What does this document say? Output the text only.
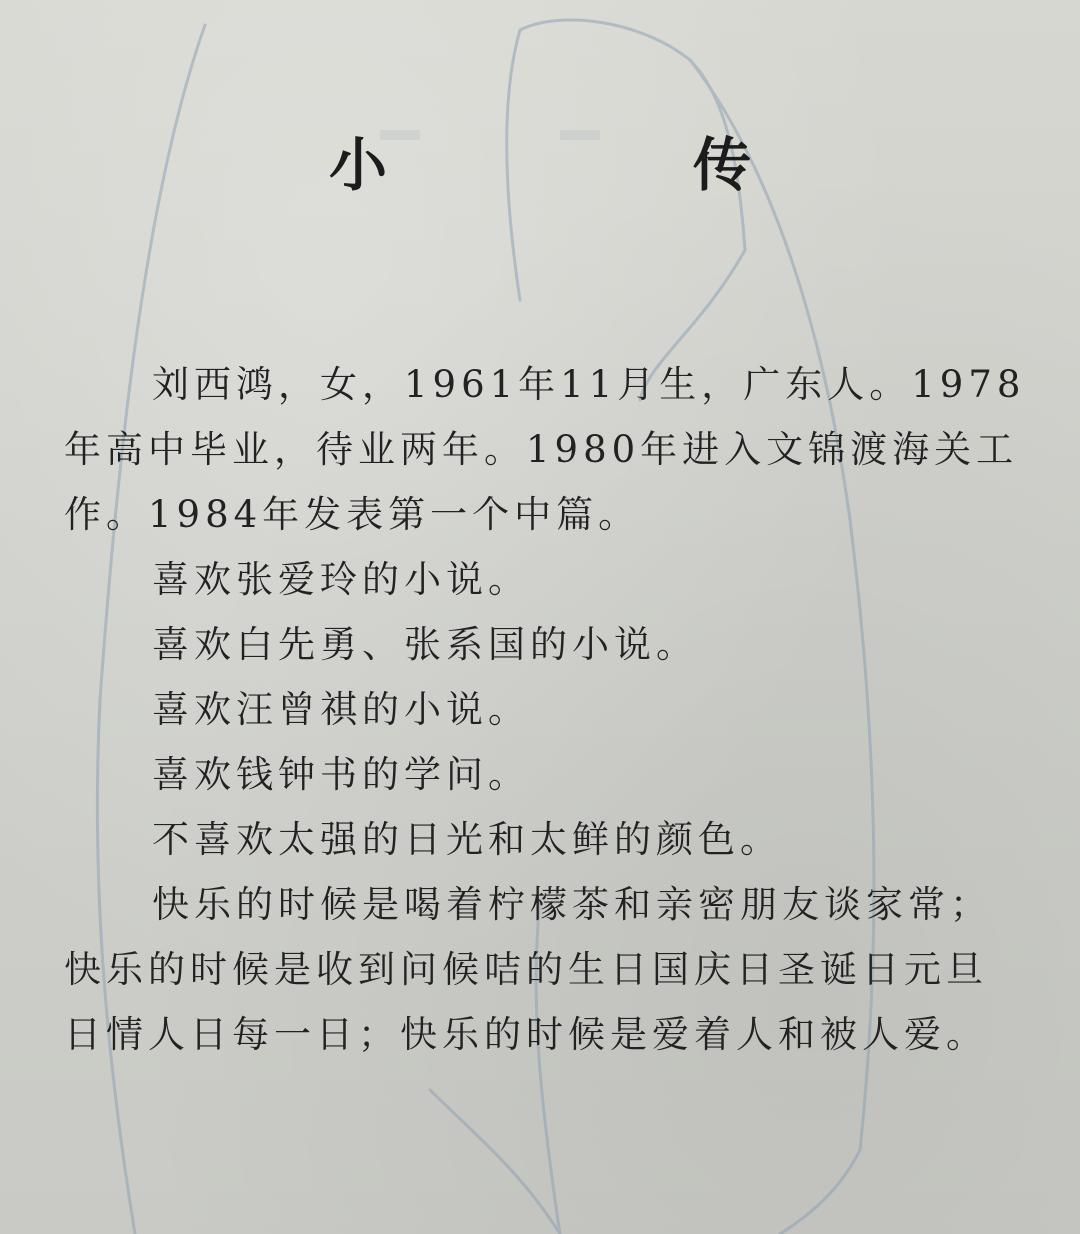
小　传

刘西鸿，女，1961年11月生，广东人。1978年高中毕业，待业两年。1980年进入文锦渡海关工作。1984年发表第一个中篇。

喜欢张爱玲的小说。

喜欢白先勇、张系国的小说。

喜欢汪曾祺的小说。

喜欢钱钟书的学问。

不喜欢太强的日光和太鲜的颜色。

快乐的时候是喝着柠檬茶和亲密朋友谈家常；快乐的时候是收到问候咭的生日国庆日圣诞日元旦日情人日每一日；快乐的时候是爱着人和被人爱。
